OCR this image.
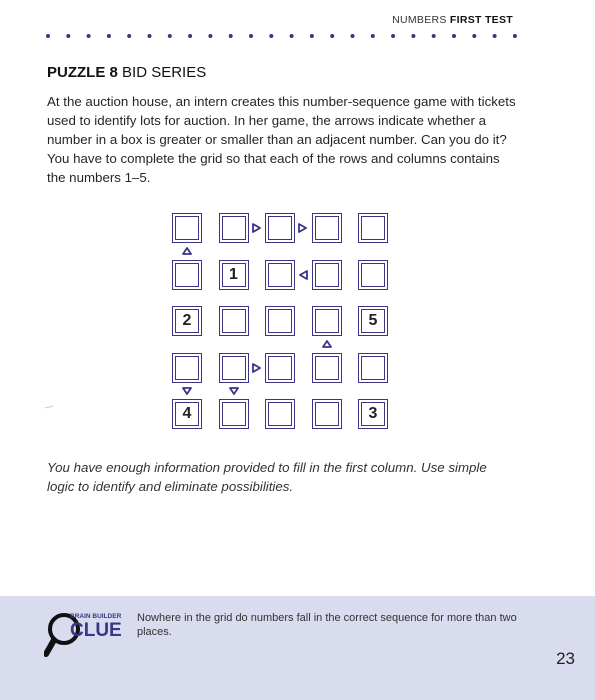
NUMBERS FIRST TEST
PUZZLE 8 BID SERIES
At the auction house, an intern creates this number-sequence game with tickets used to identify lots for auction. In her game, the arrows indicate whether a number in a box is greater or smaller than an adjacent number. Can you do it? You have to complete the grid so that each of the rows and columns contains the numbers 1–5.
1
2	5
4	3
You have enough information provided to fill in the first column. Use simple logic to identify and eliminate possibilities.
BRAIN BUILDER
CLUE
Nowhere in the grid do numbers fall in the correct sequence for more than two places.
23
